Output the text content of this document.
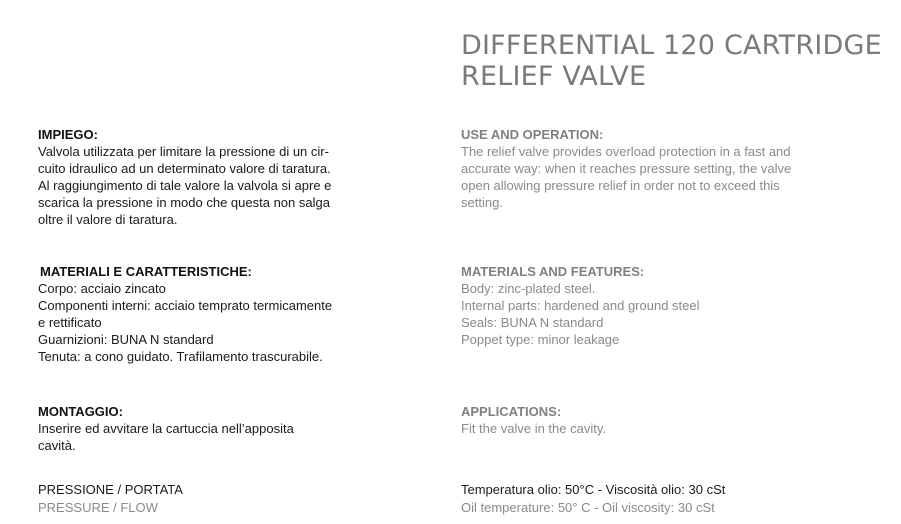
DIFFERENTIAL 120 CARTRIDGE
RELIEF VALVE
IMPIEGO:
Valvola utilizzata per limitare la pressione di un cir-
cuito idraulico ad un determinato valore di taratura.
Al raggiungimento di tale valore la valvola si apre e
scarica la pressione in modo che questa non salga
oltre il valore di taratura.
MATERIALI E CARATTERISTICHE:
Corpo: acciaio zincato
Componenti interni: acciaio temprato termicamente
e rettificato
Guarnizioni: BUNA N standard
Tenuta: a cono guidato. Trafilamento trascurabile.
MONTAGGIO:
Inserire ed avvitare la cartuccia nell’apposita
cavità.
PRESSIONE / PORTATA
PRESSURE / FLOW
USE AND OPERATION:
The relief valve provides overload protection in a fast and
accurate way: when it reaches pressure setting, the valve
open allowing pressure relief in order not to exceed this
setting.
MATERIALS AND FEATURES:
Body: zinc-plated steel.
Internal parts: hardened and ground steel
Seals: BUNA N standard
Poppet type: minor leakage
APPLICATIONS:
Fit the valve in the cavity.
Temperatura olio: 50°C - Viscosità olio: 30 cSt
Oil temperature: 50° C - Oil viscosity: 30 cSt
